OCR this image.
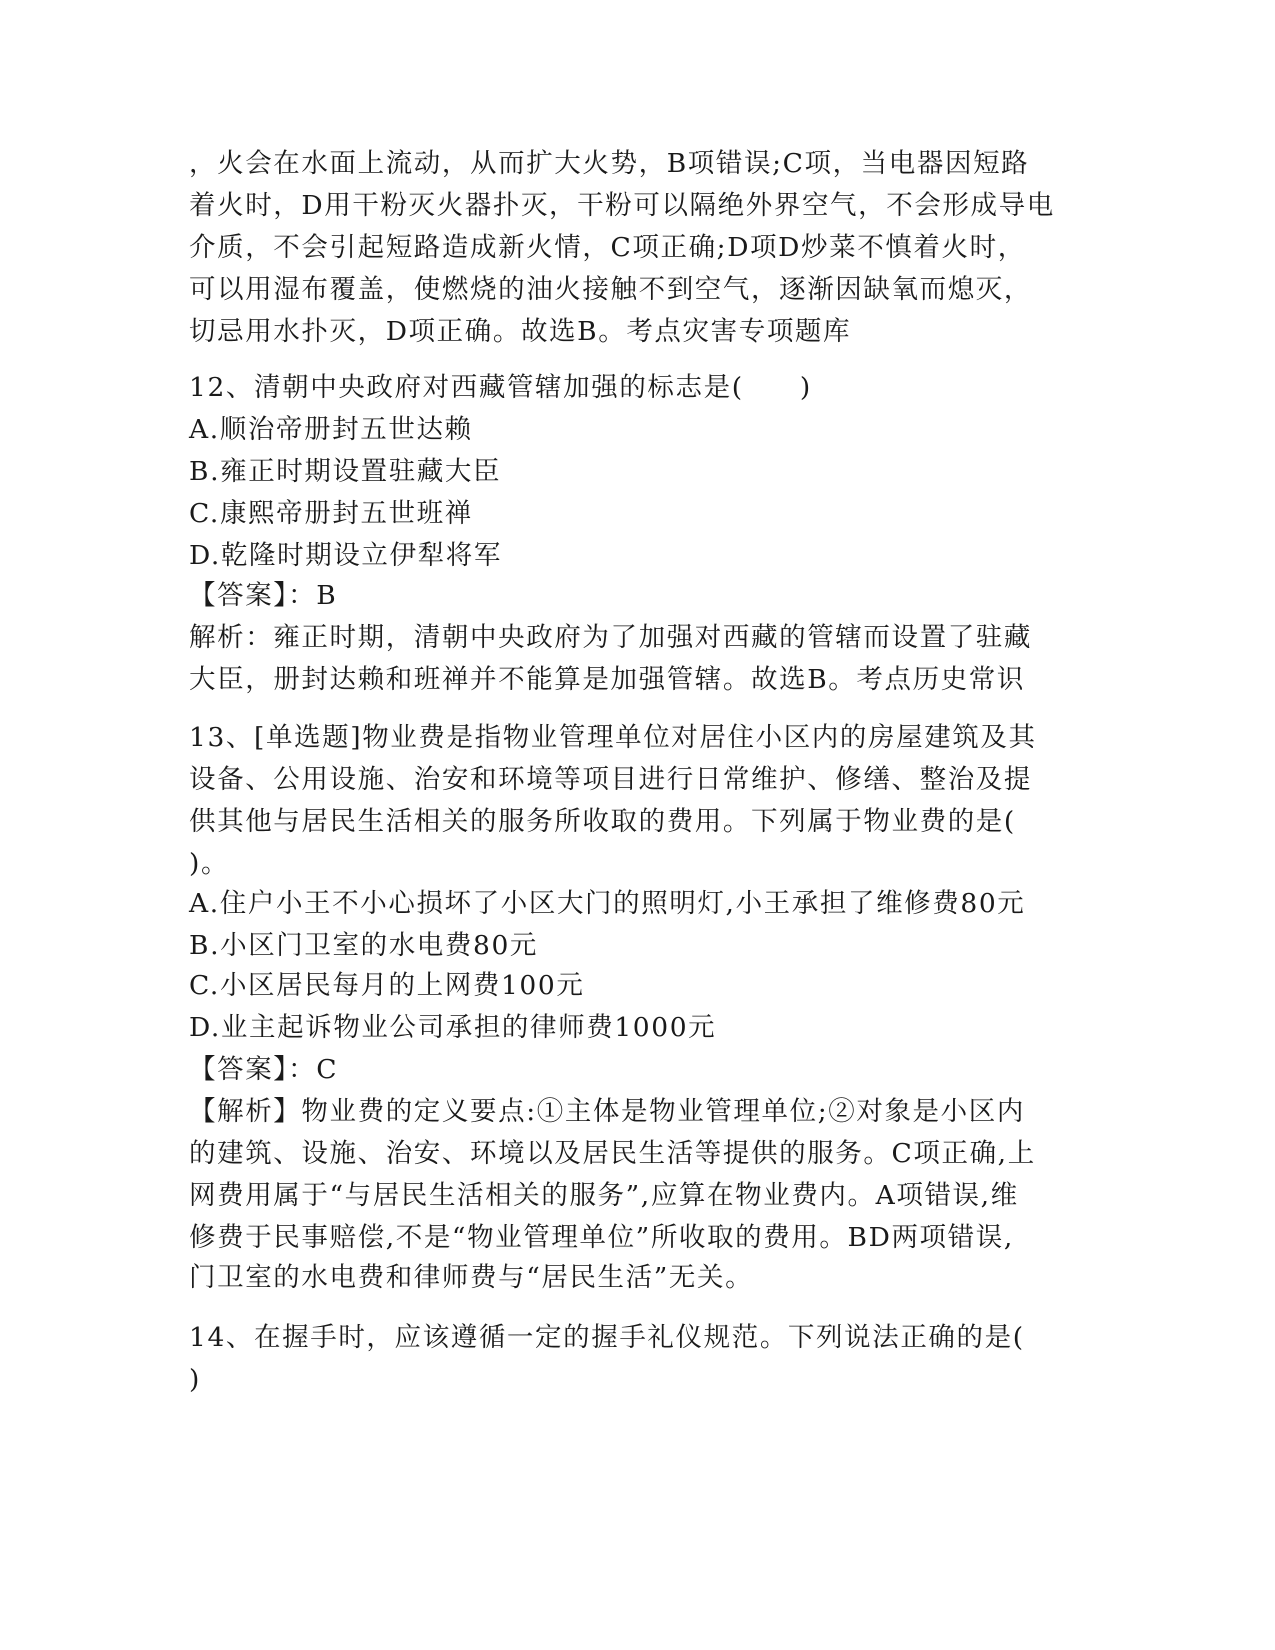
，火会在水面上流动，从而扩大火势，B项错误;C项，当电器因短路
着火时，D用干粉灭火器扑灭，干粉可以隔绝外界空气，不会形成导电
介质，不会引起短路造成新火情，C项正确;D项D炒菜不慎着火时，
可以用湿布覆盖，使燃烧的油火接触不到空气，逐渐因缺氧而熄灭，
切忌用水扑灭，D项正确。故选B。考点灾害专项题库
12、清朝中央政府对西藏管辖加强的标志是(　　)
A.顺治帝册封五世达赖
B.雍正时期设置驻藏大臣
C.康熙帝册封五世班禅
D.乾隆时期设立伊犁将军
【答案】：B
解析：雍正时期，清朝中央政府为了加强对西藏的管辖而设置了驻藏
大臣，册封达赖和班禅并不能算是加强管辖。故选B。考点历史常识
13、[单选题]物业费是指物业管理单位对居住小区内的房屋建筑及其
设备、公用设施、治安和环境等项目进行日常维护、修缮、整治及提
供其他与居民生活相关的服务所收取的费用。下列属于物业费的是(
)。
A.住户小王不小心损坏了小区大门的照明灯,小王承担了维修费80元
B.小区门卫室的水电费80元
C.小区居民每月的上网费100元
D.业主起诉物业公司承担的律师费1000元
【答案】：C
【解析】物业费的定义要点:①主体是物业管理单位;②对象是小区内
的建筑、设施、治安、环境以及居民生活等提供的服务。C项正确,上
网费用属于“与居民生活相关的服务”,应算在物业费内。A项错误,维
修费于民事赔偿,不是“物业管理单位”所收取的费用。BD两项错误,
门卫室的水电费和律师费与“居民生活”无关。
14、在握手时，应该遵循一定的握手礼仪规范。下列说法正确的是(
)
